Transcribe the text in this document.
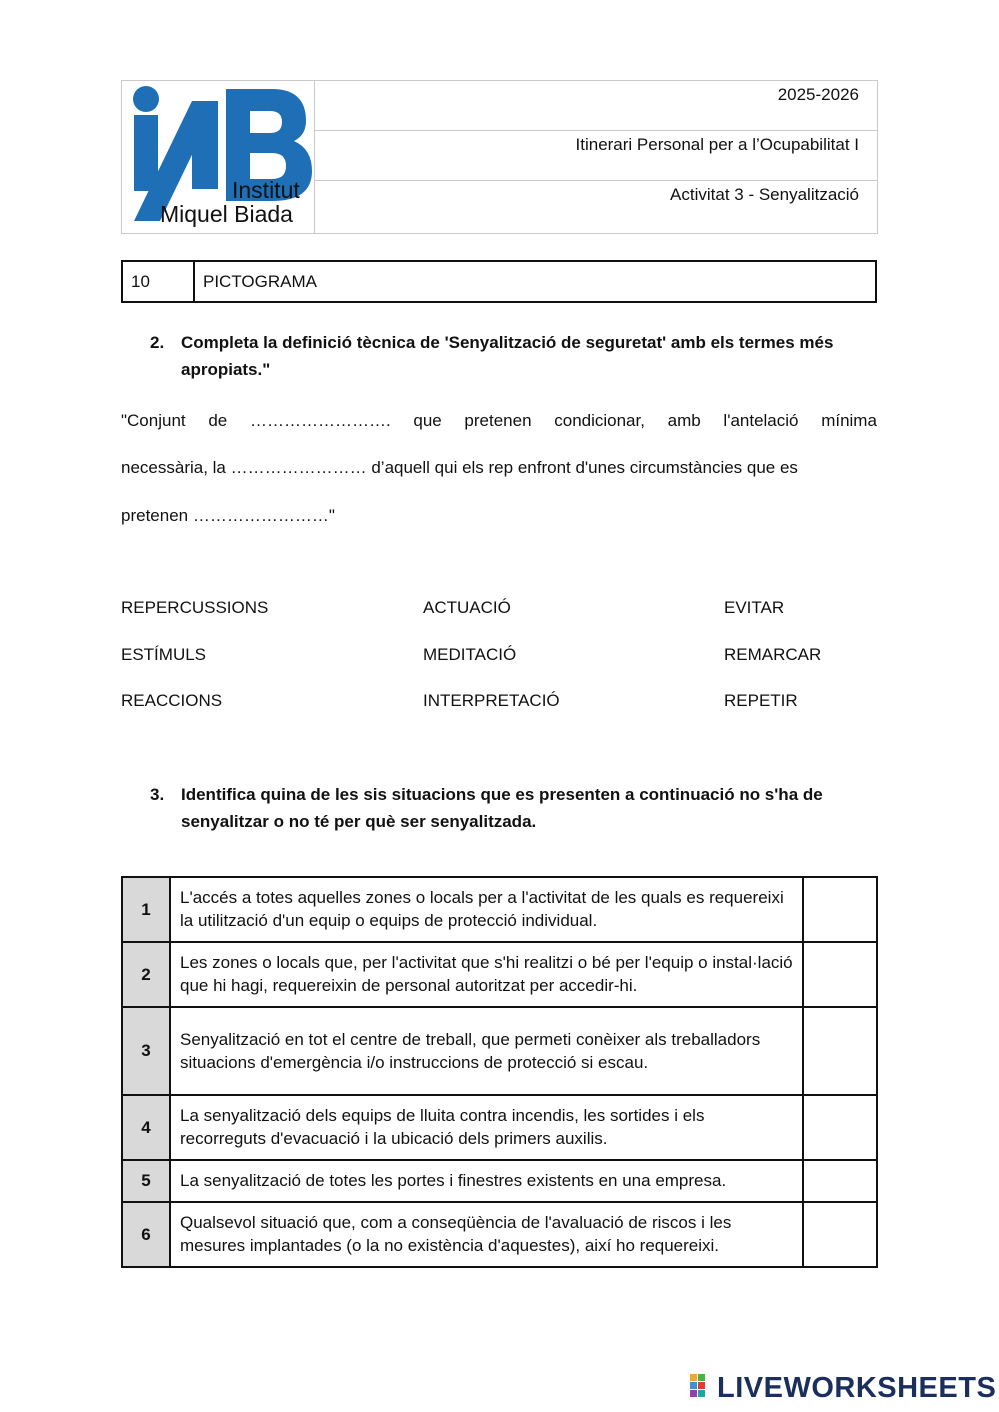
Institut
Miquel Biada
2025-2026
Itinerari Personal per a l’Ocupabilitat I
Activitat 3 - Senyalització
10	PICTOGRAMA
2. Completa la definició tècnica de 'Senyalització de seguretat' amb els termes més apropiats."
"Conjunt de ……………………. que pretenen condicionar, amb l'antelació mínima
necessària, la …………………… d’aquell qui els rep enfront d'unes circumstàncies que es
pretenen ……………………"
REPERCUSSIONS	ACTUACIÓ	EVITAR
ESTÍMULS	MEDITACIÓ	REMARCAR
REACCIONS	INTERPRETACIÓ	REPETIR
3. Identifica quina de les sis situacions que es presenten a continuació no s'ha de senyalitzar o no té per què ser senyalitzada.
1	L'accés a totes aquelles zones o locals per a l'activitat de les quals es requereixi la utilització d'un equip o equips de protecció individual.	
2	Les zones o locals que, per l'activitat que s'hi realitzi o bé per l'equip o instal·lació que hi hagi, requereixin de personal autoritzat per accedir-hi.	
3	Senyalització en tot el centre de treball, que permeti conèixer als treballadors situacions d'emergència i/o instruccions de protecció si escau.	
4	La senyalització dels equips de lluita contra incendis, les sortides i els recorreguts d'evacuació i la ubicació dels primers auxilis.	
5	La senyalització de totes les portes i finestres existents en una empresa.	
6	Qualsevol situació que, com a conseqüència de l'avaluació de riscos i les mesures implantades (o la no existència d'aquestes), així ho requereixi.	
LIVEWORKSHEETS
